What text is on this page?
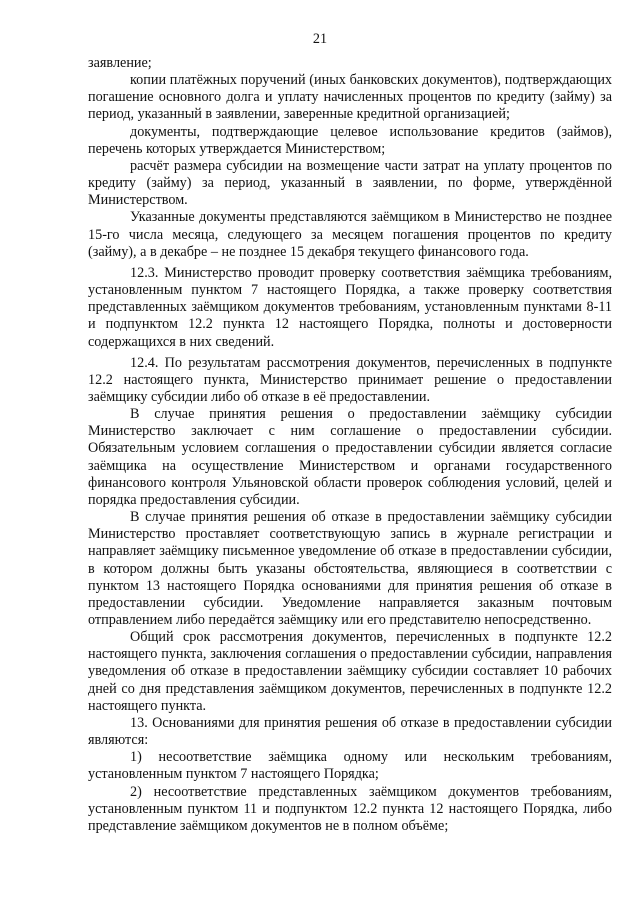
21

заявление;

копии платёжных поручений (иных банковских документов), подтверждающих погашение основного долга и уплату начисленных процентов по кредиту (займу) за период, указанный в заявлении, заверенные кредитной организацией;

документы, подтверждающие целевое использование кредитов (займов), перечень которых утверждается Министерством;

расчёт размера субсидии на возмещение части затрат на уплату процентов по кредиту (займу) за период, указанный в заявлении, по форме, утверждённой Министерством.

Указанные документы представляются заёмщиком в Министерство не позднее 15-го числа месяца, следующего за месяцем погашения процентов по кредиту (займу), а в декабре – не позднее 15 декабря текущего финансового года.

12.3. Министерство проводит проверку соответствия заёмщика требованиям, установленным пунктом 7 настоящего Порядка, а также проверку соответствия представленных заёмщиком документов требованиям, установленным пунктами 8-11 и подпунктом 12.2 пункта 12 настоящего Порядка, полноты и достоверности содержащихся в них сведений.

12.4. По результатам рассмотрения документов, перечисленных в подпункте 12.2 настоящего пункта, Министерство принимает решение о предоставлении заёмщику субсидии либо об отказе в её предоставлении.

В случае принятия решения о предоставлении заёмщику субсидии Министерство заключает с ним соглашение о предоставлении субсидии. Обязательным условием соглашения о предоставлении субсидии является согласие заёмщика на осуществление Министерством и органами государственного финансового контроля Ульяновской области проверок соблюдения условий, целей и порядка предоставления субсидии.

В случае принятия решения об отказе в предоставлении заёмщику субсидии Министерство проставляет соответствующую запись в журнале регистрации и направляет заёмщику письменное уведомление об отказе в предоставлении субсидии, в котором должны быть указаны обстоятельства, являющиеся в соответствии с пунктом 13 настоящего Порядка основаниями для принятия решения об отказе в предоставлении субсидии. Уведомление направляется заказным почтовым отправлением либо передаётся заёмщику или его представителю непосредственно.

Общий срок рассмотрения документов, перечисленных в подпункте 12.2 настоящего пункта, заключения соглашения о предоставлении субсидии, направления уведомления об отказе в предоставлении заёмщику субсидии составляет 10 рабочих дней со дня представления заёмщиком документов, перечисленных в подпункте 12.2 настоящего пункта.

13. Основаниями для принятия решения об отказе в предоставлении субсидии являются:

1) несоответствие заёмщика одному или нескольким требованиям, установленным пунктом 7 настоящего Порядка;

2) несоответствие представленных заёмщиком документов требованиям, установленным пунктом 11 и подпунктом 12.2 пункта 12 настоящего Порядка, либо представление заёмщиком документов не в полном объёме;
